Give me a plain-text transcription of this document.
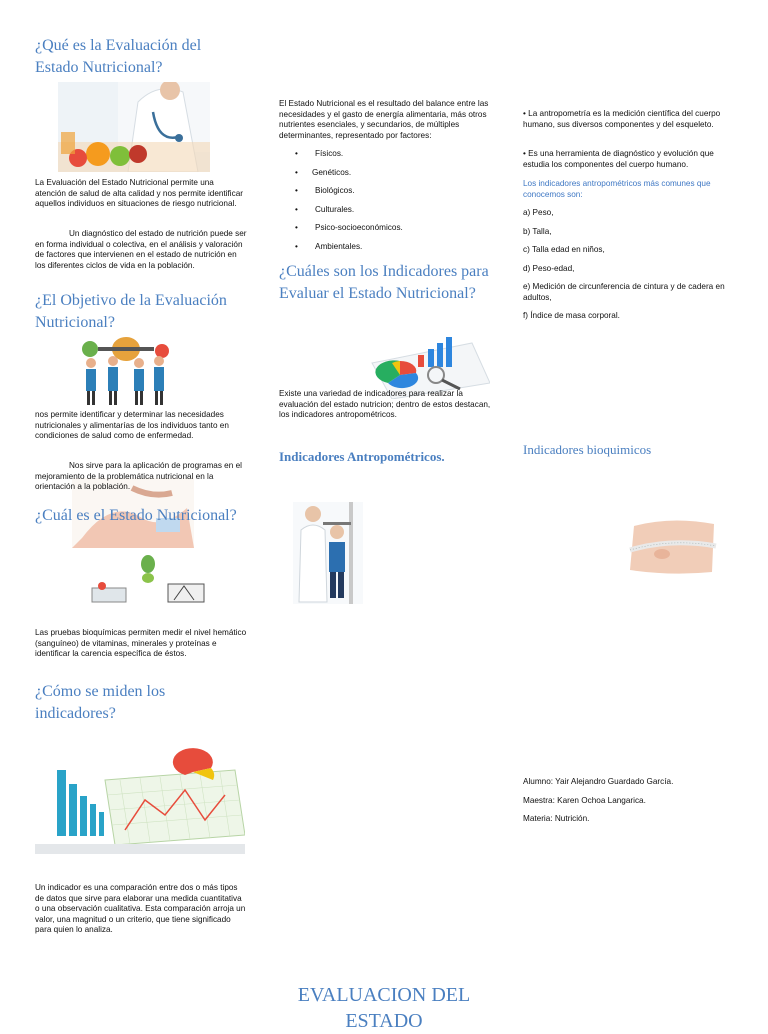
¿Qué es la Evaluación del Estado Nutricional?
La Evaluación del Estado Nutricional permite una atención de salud de alta calidad y nos permite identificar aquellos individuos en situaciones de riesgo nutricional.
Un diagnóstico del estado de nutrición puede ser en forma individual o colectiva, en el análisis y valoración de factores que intervienen en el estado de nutrición en los diferentes ciclos de vida en la población.
¿El Objetivo de la Evaluación Nutricional?
nos permite identificar y determinar las necesidades nutricionales y alimentarías de los individuos tanto en condiciones de salud como de enfermedad.
Nos sirve para la aplicación de programas en el mejoramiento de la problemática nutricional en la orientación a la población.
¿Cuál es el Estado Nutricional?
Las pruebas bioquímicas permiten medir el nivel hemático (sanguíneo) de vitaminas, minerales y proteínas e identificar la carencia específica de éstos.
¿Cómo se miden los indicadores?
Un indicador es una comparación entre dos o más tipos de datos que sirve para elaborar una medida cuantitativa o una observación cualitativa. Esta comparación arroja un valor, una magnitud o un criterio, que tiene significado para quien lo analiza.
El Estado Nutricional es el resultado del balance entre las necesidades y el gasto de energía alimentaria, más otros nutrientes esenciales, y secundarios, de múltiples determinantes, representado por factores:
• Físicos.
• Genéticos.
• Biológicos.
• Culturales.
• Psico-socioeconómicos.
• Ambientales.
¿Cuáles son los Indicadores para Evaluar el Estado Nutricional?
Existe una variedad de indicadores para realizar la evaluación del estado nutricion; dentro de estos destacan, los indicadores antropométricos.
Indicadores Antropométricos.
• La antropometría es la medición científica del cuerpo humano, sus diversos componentes y del esqueleto.
• Es una herramienta de diagnóstico y evolución que estudia los componentes del cuerpo humano.
Los indicadores antropométricos más comunes que conocemos son:
a) Peso,
b) Talla,
c) Talla edad en niños,
d) Peso-edad,
e) Medición de circunferencia de cintura y de cadera en adultos,
f) Índice de masa corporal.
Indicadores bioquimicos
Alumno: Yair Alejandro Guardado García.
Maestra: Karen Ochoa Langarica.
Materia: Nutrición.
EVALUACION DEL ESTADO
